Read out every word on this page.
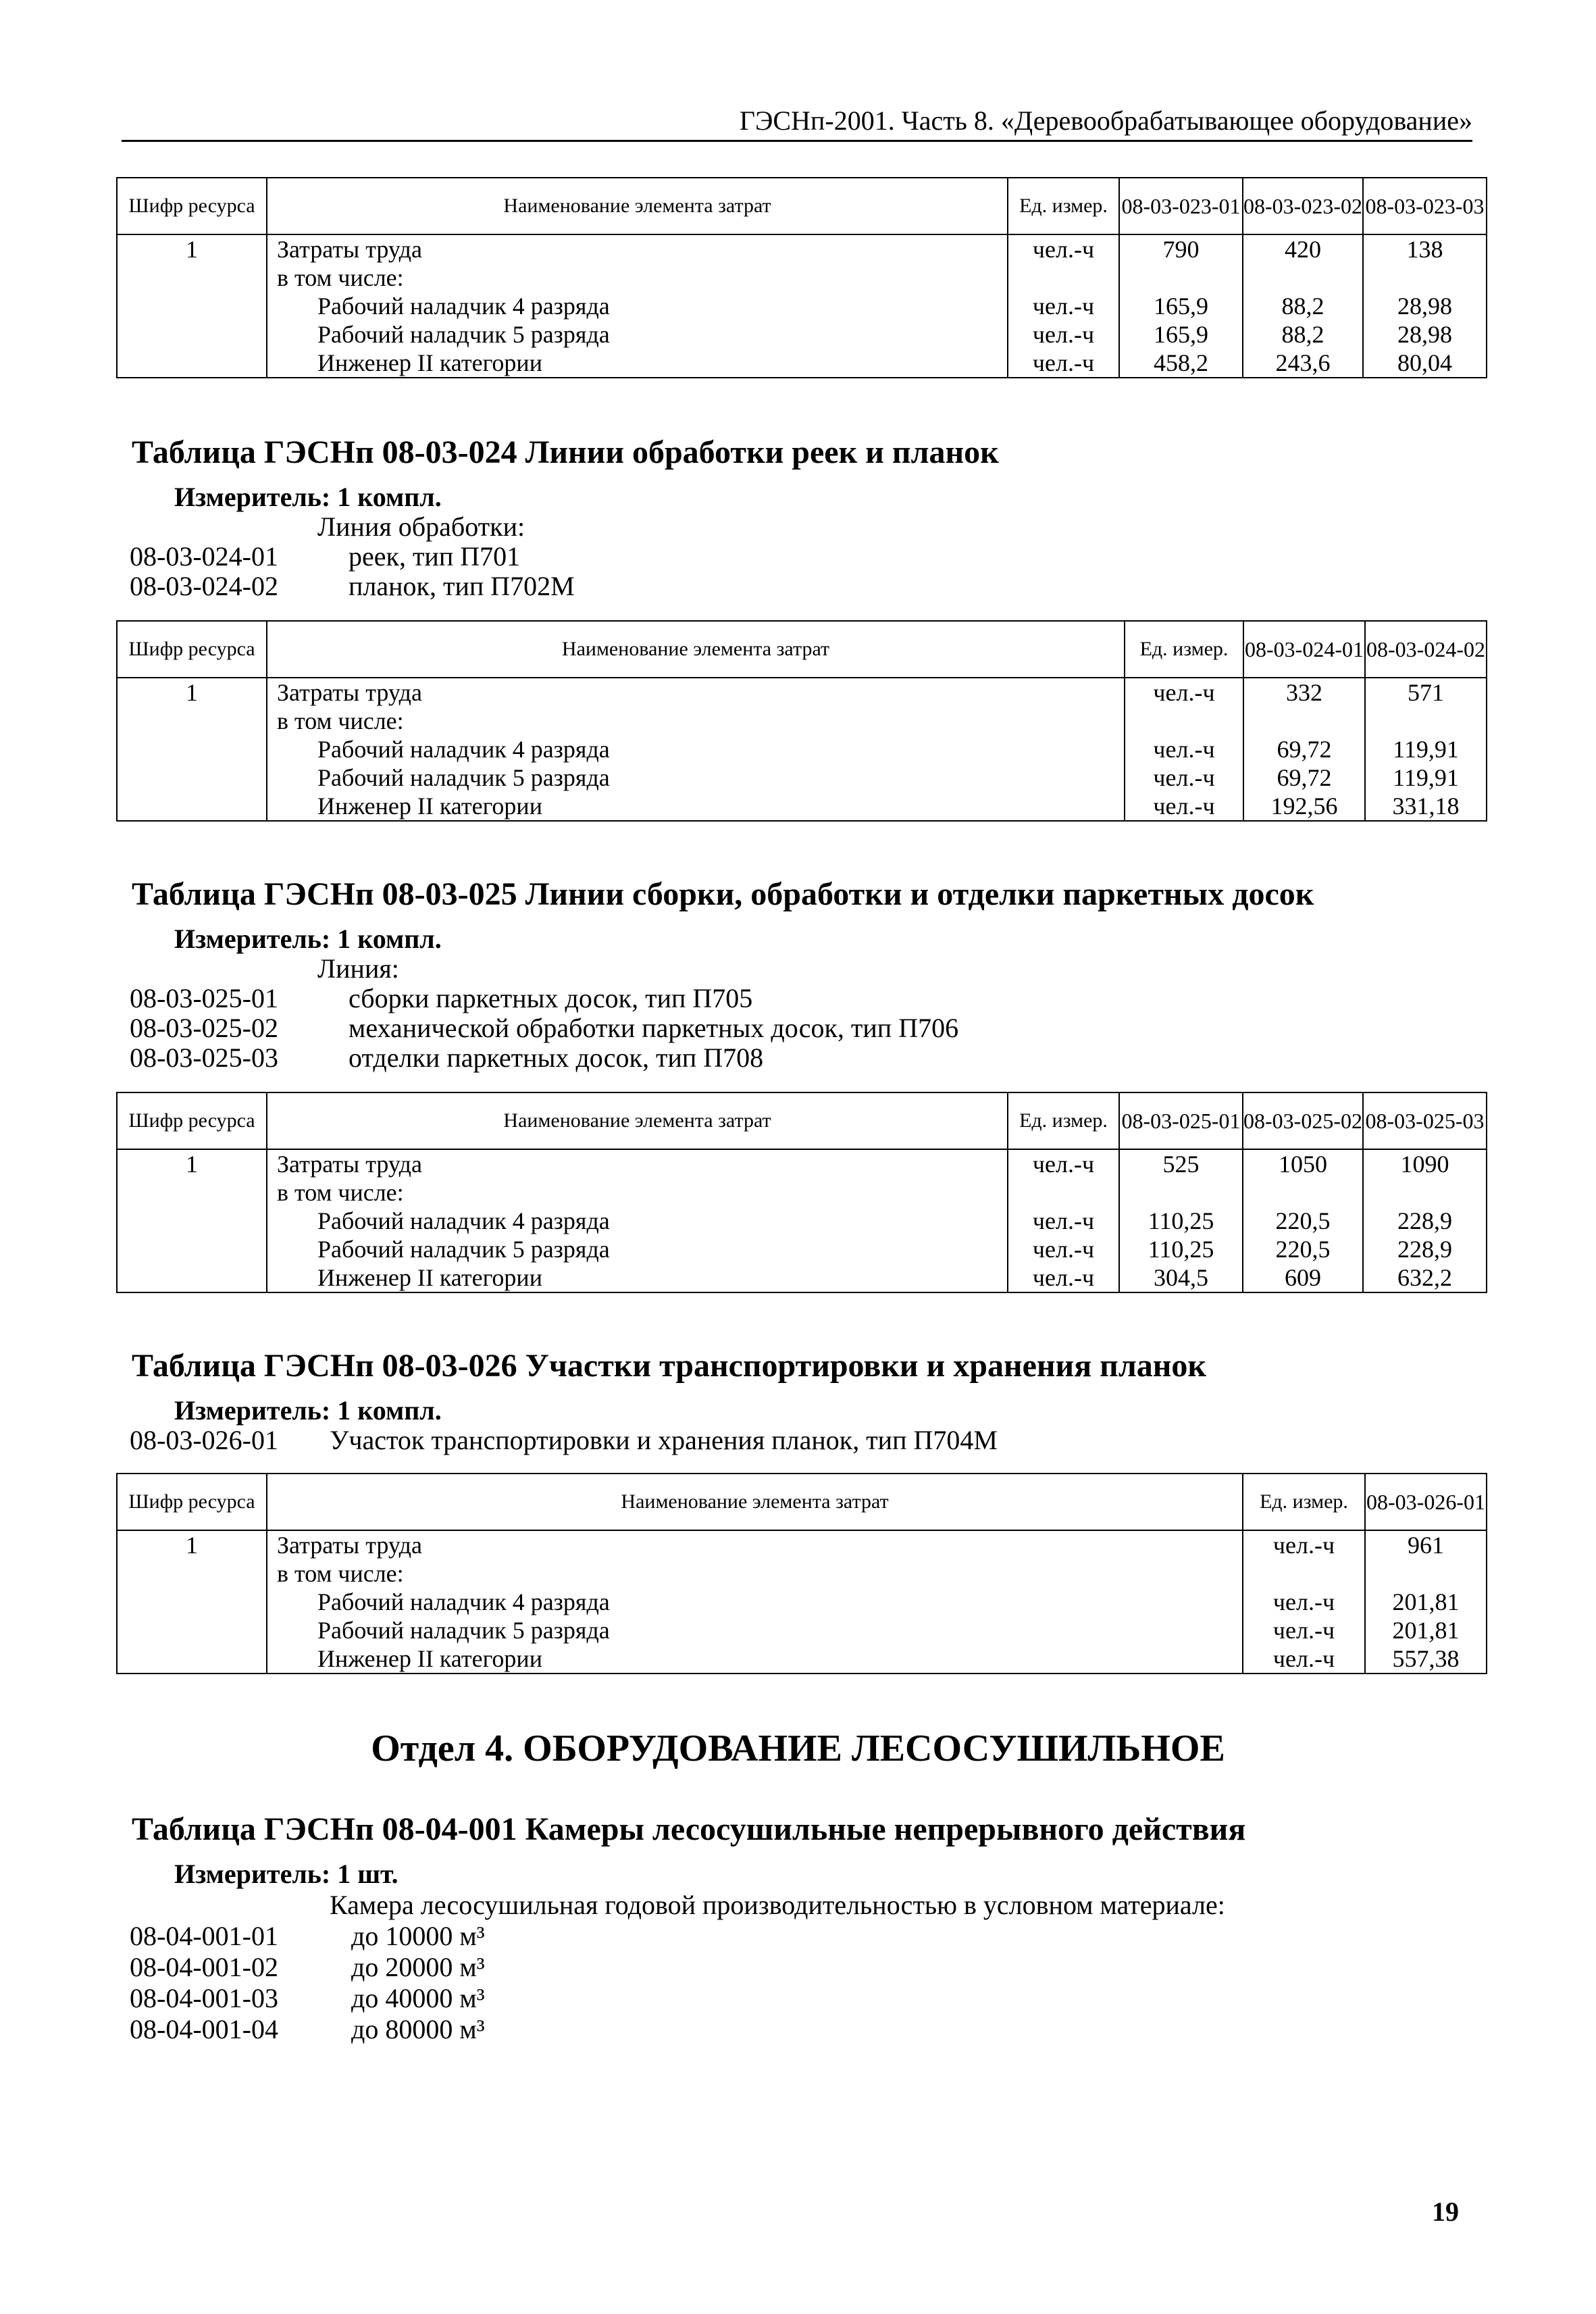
ГЭСНп-2001. Часть 8. «Деревообрабатывающее оборудование»
Шифр ресурса	Наименование элемента затрат	Ед. измер.	08-03-023-01	08-03-023-02	08-03-023-03
1	Затраты труда	чел.-ч	790	420	138
	в том числе:				
	Рабочий наладчик 4 разряда	чел.-ч	165,9	88,2	28,98
	Рабочий наладчик 5 разряда	чел.-ч	165,9	88,2	28,98
	Инженер II категории	чел.-ч	458,2	243,6	80,04
Таблица ГЭСНп 08-03-024 Линии обработки реек и планок
Измеритель: 1 компл.
Линия обработки:
08-03-024-01	реек, тип П701
08-03-024-02	планок, тип П702М
Шифр ресурса	Наименование элемента затрат	Ед. измер.	08-03-024-01	08-03-024-02
1	Затраты труда	чел.-ч	332	571
	в том числе:			
	Рабочий наладчик 4 разряда	чел.-ч	69,72	119,91
	Рабочий наладчик 5 разряда	чел.-ч	69,72	119,91
	Инженер II категории	чел.-ч	192,56	331,18
Таблица ГЭСНп 08-03-025 Линии сборки, обработки и отделки паркетных досок
Измеритель: 1 компл.
Линия:
08-03-025-01	сборки паркетных досок, тип П705
08-03-025-02	механической обработки паркетных досок, тип П706
08-03-025-03	отделки паркетных досок, тип П708
Шифр ресурса	Наименование элемента затрат	Ед. измер.	08-03-025-01	08-03-025-02	08-03-025-03
1	Затраты труда	чел.-ч	525	1050	1090
	в том числе:				
	Рабочий наладчик 4 разряда	чел.-ч	110,25	220,5	228,9
	Рабочий наладчик 5 разряда	чел.-ч	110,25	220,5	228,9
	Инженер II категории	чел.-ч	304,5	609	632,2
Таблица ГЭСНп 08-03-026 Участки транспортировки и хранения планок
Измеритель: 1 компл.
08-03-026-01 Участок транспортировки и хранения планок, тип П704М
Шифр ресурса	Наименование элемента затрат	Ед. измер.	08-03-026-01
1	Затраты труда	чел.-ч	961
	в том числе:		
	Рабочий наладчик 4 разряда	чел.-ч	201,81
	Рабочий наладчик 5 разряда	чел.-ч	201,81
	Инженер II категории	чел.-ч	557,38
Отдел 4. ОБОРУДОВАНИЕ ЛЕСОСУШИЛЬНОЕ
Таблица ГЭСНп 08-04-001 Камеры лесосушильные непрерывного действия
Измеритель: 1 шт.
Камера лесосушильная годовой производительностью в условном материале:
08-04-001-01	до 10000 м³
08-04-001-02	до 20000 м³
08-04-001-03	до 40000 м³
08-04-001-04	до 80000 м³
19
